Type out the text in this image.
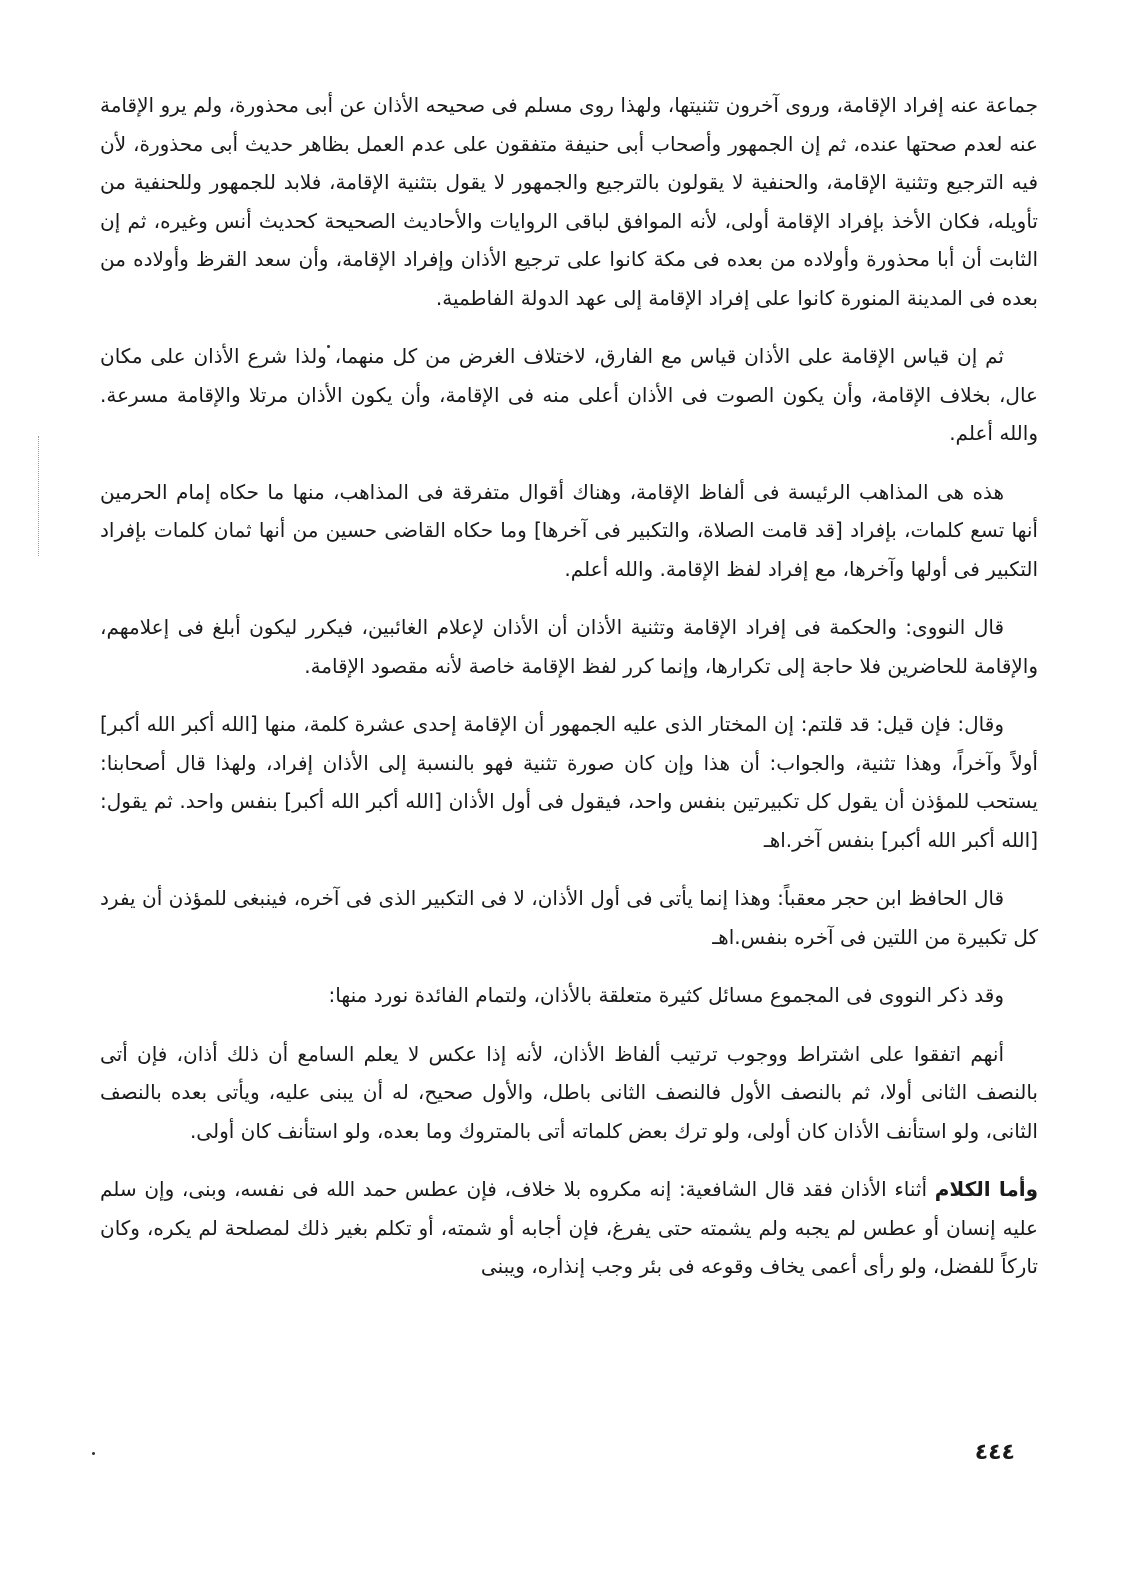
جماعة عنه إفراد الإقامة، وروى آخرون تثنيتها، ولهذا روى مسلم فى صحيحه الأذان عن أبى محذورة، ولم يرو الإقامة عنه لعدم صحتها عنده، ثم إن الجمهور وأصحاب أبى حنيفة متفقون على عدم العمل بظاهر حديث أبى محذورة، لأن فيه الترجيع وتثنية الإقامة، والحنفية لا يقولون بالترجيع والجمهور لا يقول بتثنية الإقامة، فلابد للجمهور وللحنفية من تأويله، فكان الأخذ بإفراد الإقامة أولى، لأنه الموافق لباقى الروايات والأحاديث الصحيحة كحديث أنس وغيره، ثم إن الثابت أن أبا محذورة وأولاده من بعده فى مكة كانوا على ترجيع الأذان وإفراد الإقامة، وأن سعد القرظ وأولاده من بعده فى المدينة المنورة كانوا على إفراد الإقامة إلى عهد الدولة الفاطمية.

ثم إن قياس الإقامة على الأذان قياس مع الفارق، لاختلاف الغرض من كل منهما، ولذا شرع الأذان على مكان عال، بخلاف الإقامة، وأن يكون الصوت فى الأذان أعلى منه فى الإقامة، وأن يكون الأذان مرتلا والإقامة مسرعة. والله أعلم.

هذه هى المذاهب الرئيسة فى ألفاظ الإقامة، وهناك أقوال متفرقة فى المذاهب، منها ما حكاه إمام الحرمين أنها تسع كلمات، بإفراد [قد قامت الصلاة، والتكبير فى آخرها] وما حكاه القاضى حسين من أنها ثمان كلمات بإفراد التكبير فى أولها وآخرها، مع إفراد لفظ الإقامة. والله أعلم.

قال النووى: والحكمة فى إفراد الإقامة وتثنية الأذان أن الأذان لإعلام الغائبين، فيكرر ليكون أبلغ فى إعلامهم، والإقامة للحاضرين فلا حاجة إلى تكرارها، وإنما كرر لفظ الإقامة خاصة لأنه مقصود الإقامة.

وقال: فإن قيل: قد قلتم: إن المختار الذى عليه الجمهور أن الإقامة إحدى عشرة كلمة، منها [الله أكبر الله أكبر] أولاً وآخراً، وهذا تثنية، والجواب: أن هذا وإن كان صورة تثنية فهو بالنسبة إلى الأذان إفراد، ولهذا قال أصحابنا: يستحب للمؤذن أن يقول كل تكبيرتين بنفس واحد، فيقول فى أول الأذان [الله أكبر الله أكبر] بنفس واحد. ثم يقول: [الله أكبر الله أكبر] بنفس آخر.اهـ

قال الحافظ ابن حجر معقباً: وهذا إنما يأتى فى أول الأذان، لا فى التكبير الذى فى آخره، فينبغى للمؤذن أن يفرد كل تكبيرة من اللتين فى آخره بنفس.اهـ

وقد ذكر النووى فى المجموع مسائل كثيرة متعلقة بالأذان، ولتمام الفائدة نورد منها:

أنهم اتفقوا على اشتراط ووجوب ترتيب ألفاظ الأذان، لأنه إذا عكس لا يعلم السامع أن ذلك أذان، فإن أتى بالنصف الثانى أولا، ثم بالنصف الأول فالنصف الثانى باطل، والأول صحيح، له أن يبنى عليه، ويأتى بعده بالنصف الثانى، ولو استأنف الأذان كان أولى، ولو ترك بعض كلماته أتى بالمتروك وما بعده، ولو استأنف كان أولى.

وأما الكلام أثناء الأذان فقد قال الشافعية: إنه مكروه بلا خلاف، فإن عطس حمد الله فى نفسه، وبنى، وإن سلم عليه إنسان أو عطس لم يجبه ولم يشمته حتى يفرغ، فإن أجابه أو شمته، أو تكلم بغير ذلك لمصلحة لم يكره، وكان تاركاً للفضل، ولو رأى أعمى يخاف وقوعه فى بئر وجب إنذاره، ويبنى

٤٤٤
